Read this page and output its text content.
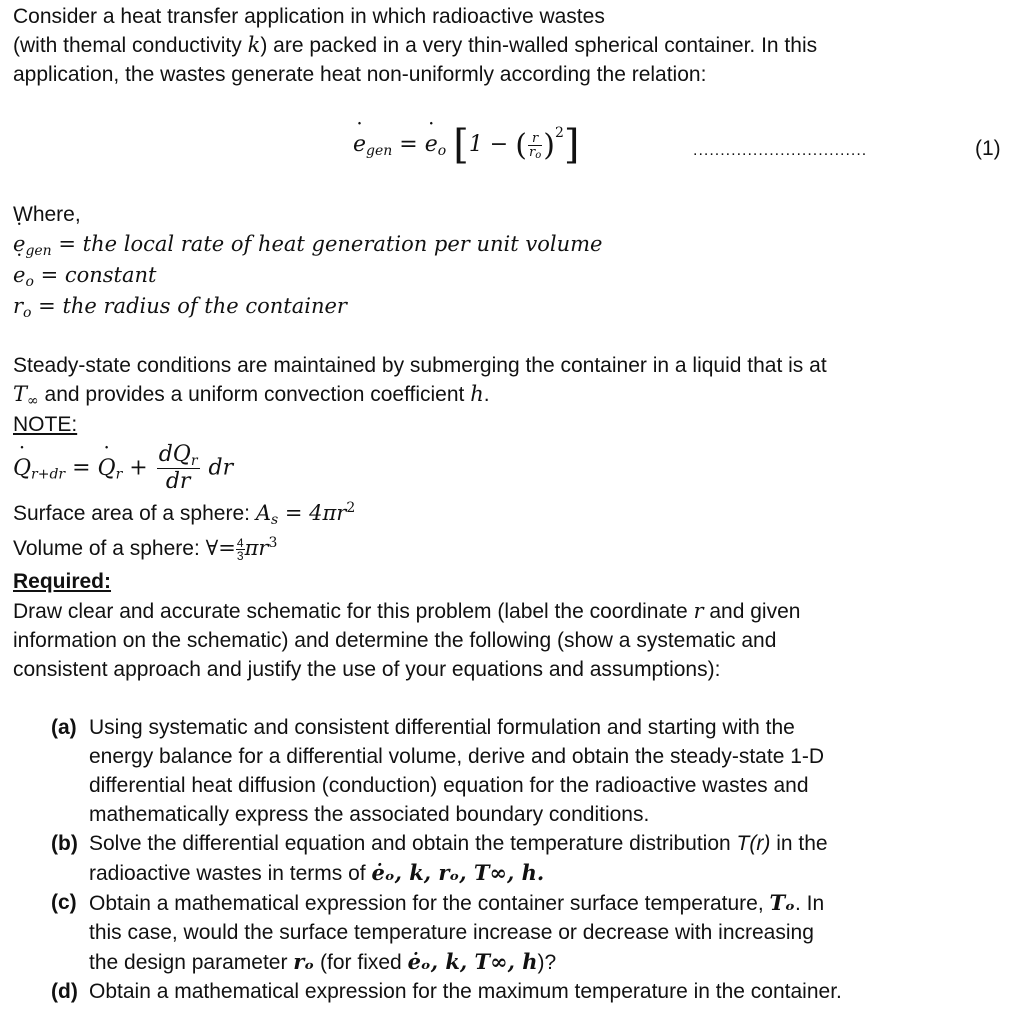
Consider a heat transfer application in which radioactive wastes

(with themal conductivity k) are packed in a very thin-walled spherical container. In this

application, the wastes generate heat non-uniformly according the relation:

˙ $e_{gen}$ = ˙ $e_o$ [1 − ( $\frac{r}{r_o} )^2$]	................................	(1)

Where,

˙ $e_{gen}$ = the local rate of heat generation per unit volume
˙ $e_o$ = constant
$r_o$ = the radius of the container

Steady-state conditions are maintained by submerging the container in a liquid that is at

$T_\infty$ and provides a uniform convection coefficient h.

NOTE:

˙ $Q_{r+dr}$ = ˙ $Q_r + \frac{dQ_r}{dr}$ dr

Surface area of a sphere: $A_s = 4\pi r^2$

Volume of a sphere: ∀= $\frac{4}{3} \pi r^3$

Required:

Draw clear and accurate schematic for this problem (label the coordinate r and given

information on the schematic) and determine the following (show a systematic and

consistent approach and justify the use of your equations and assumptions):

(a) Using systematic and consistent differential formulation and starting with the

energy balance for a differential volume, derive and obtain the steady-state 1-D

differential heat diffusion (conduction) equation for the radioactive wastes and

mathematically express the associated boundary conditions.

(b) Solve the differential equation and obtain the temperature distribution T(r) in the

radioactive wastes in terms of ėₒ, k, rₒ, T∞, h.

(c) Obtain a mathematical expression for the container surface temperature, Tₒ. In

this case, would the surface temperature increase or decrease with increasing

the design parameter rₒ (for fixed ėₒ, k, T∞, h)?

(d) Obtain a mathematical expression for the maximum temperature in the container.
